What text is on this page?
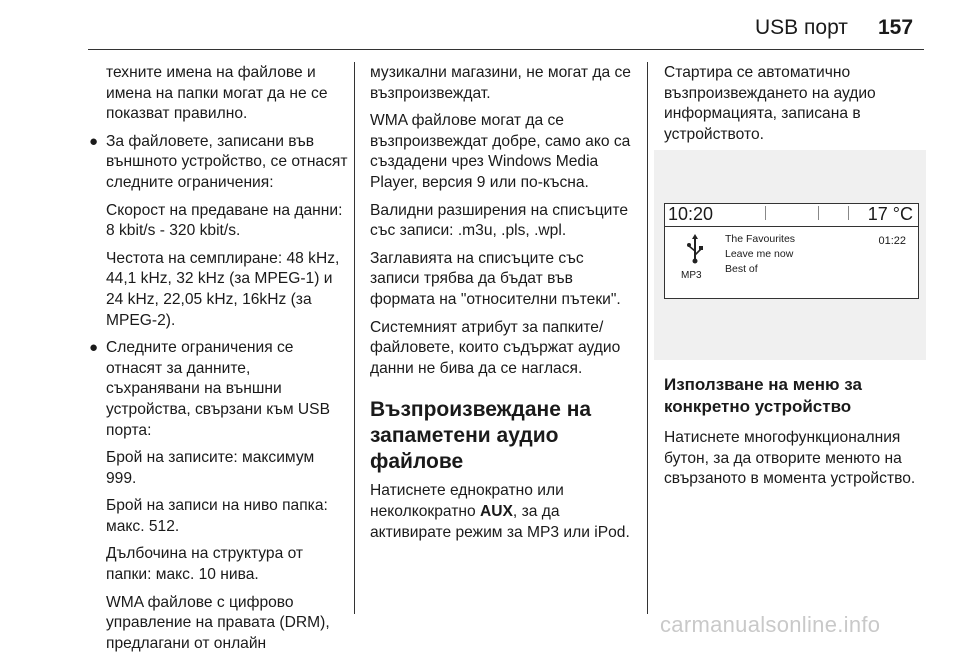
USB порт 157

техните имена на файлове и имена на папки могат да не се показват правилно.

● За файловете, записани във външното устройство, се отнасят следните ограничения:

Скорост на предаване на данни: 8 kbit/s - 320 kbit/s.

Честота на семплиране: 48 kHz, 44,1 kHz, 32 kHz (за MPEG-1) и 24 kHz, 22,05 kHz, 16kHz (за MPEG-2).

● Следните ограничения се отнасят за данните, съхранявани на външни устройства, свързани към USB порта:

Брой на записите: максимум 999.

Брой на записи на ниво папка: макс. 512.

Дълбочина на структура от папки: макс. 10 нива.

WMA файлове с цифрово управление на правата (DRM), предлагани от онлайн

музикални магазини, не могат да се възпроизвеждат.

WMA файлове могат да се възпроизвеждат добре, само ако са създадени чрез Windows Media Player, версия 9 или по-късна.

Валидни разширения на списъците със записи: .m3u, .pls, .wpl.

Заглавията на списъците със записи трябва да бъдат във формата на "относителни пътеки".

Системният атрибут за папките/файловете, които съдържат аудио данни не бива да се наглася.

Възпроизвеждане на запаметени аудио файлове

Натиснете еднократно или неколкократно AUX, за да активирате режим за MP3 или iPod.

Стартира се автоматично възпроизвеждането на аудио информацията, записана в устройството.

10:20	17 °C
MP3
The Favourites
Leave me now
Best of
01:22
Използване на меню за конкретно устройство

Натиснете многофункционалния бутон, за да отворите менюто на свързаното в момента устройство.

carmanualsonline.info
